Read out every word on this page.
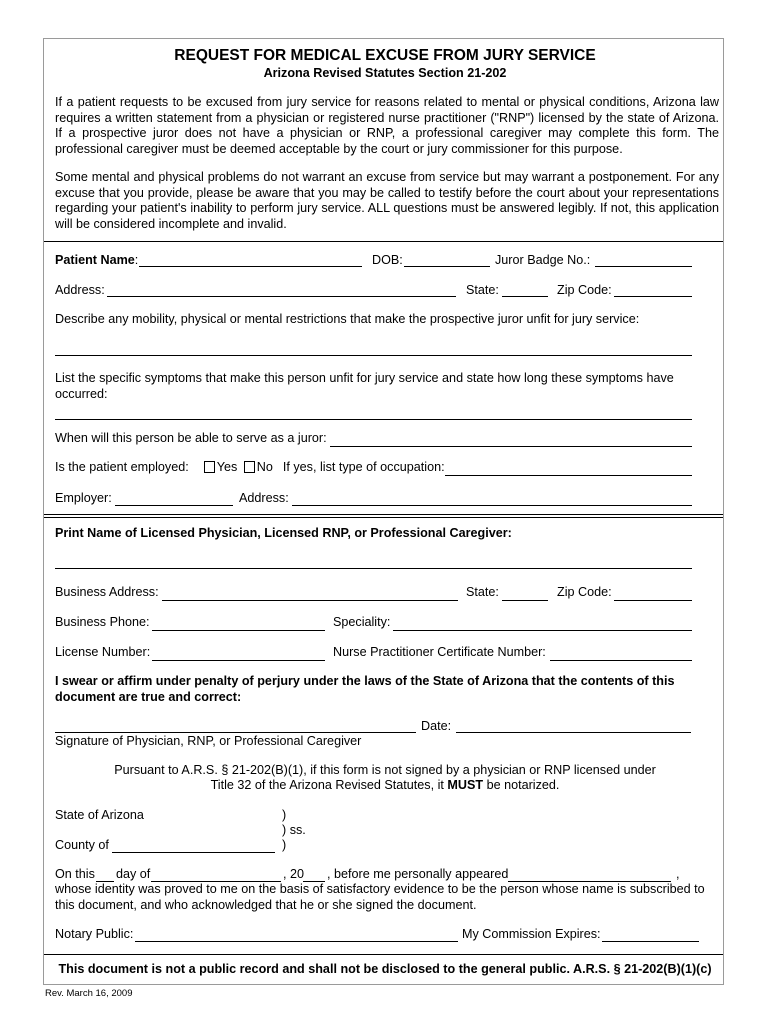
REQUEST FOR MEDICAL EXCUSE FROM JURY SERVICE
Arizona Revised Statutes Section 21-202
If a patient requests to be excused from jury service for reasons related to mental or physical conditions, Arizona law requires a written statement from a physician or registered nurse practitioner ("RNP") licensed by the state of Arizona. If a prospective juror does not have a physician or RNP, a professional caregiver may complete this form. The professional caregiver must be deemed acceptable by the court or jury commissioner for this purpose.
Some mental and physical problems do not warrant an excuse from service but may warrant a postponement. For any excuse that you provide, please be aware that you may be called to testify before the court about your representations regarding your patient's inability to perform jury service. ALL questions must be answered legibly. If not, this application will be considered incomplete and invalid.
Patient Name:	DOB:	Juror Badge No.:
Address:	State:	Zip Code:
Describe any mobility, physical or mental restrictions that make the prospective juror unfit for jury service:
List the specific symptoms that make this person unfit for jury service and state how long these symptoms have occurred:
When will this person be able to serve as a juror:
Is the patient employed: Yes No If yes, list type of occupation:
Employer:	Address:
Print Name of Licensed Physician, Licensed RNP, or Professional Caregiver:
Business Address:	State:	Zip Code:
Business Phone:	Speciality:
License Number:	Nurse Practitioner Certificate Number:
I swear or affirm under penalty of perjury under the laws of the State of Arizona that the contents of this document are true and correct:
Date:
Signature of Physician, RNP, or Professional Caregiver
Pursuant to A.R.S. § 21-202(B)(1), if this form is not signed by a physician or RNP licensed under
Title 32 of the Arizona Revised Statutes, it MUST be notarized.
State of Arizona	)
) ss.
County of	)
On this day of	, 20 , before me personally appeared	,
whose identity was proved to me on the basis of satisfactory evidence to be the person whose name is subscribed to
this document, and who acknowledged that he or she signed the document.
Notary Public:	My Commission Expires:
This document is not a public record and shall not be disclosed to the general public. A.R.S. § 21-202(B)(1)(c)
Rev. March 16, 2009
